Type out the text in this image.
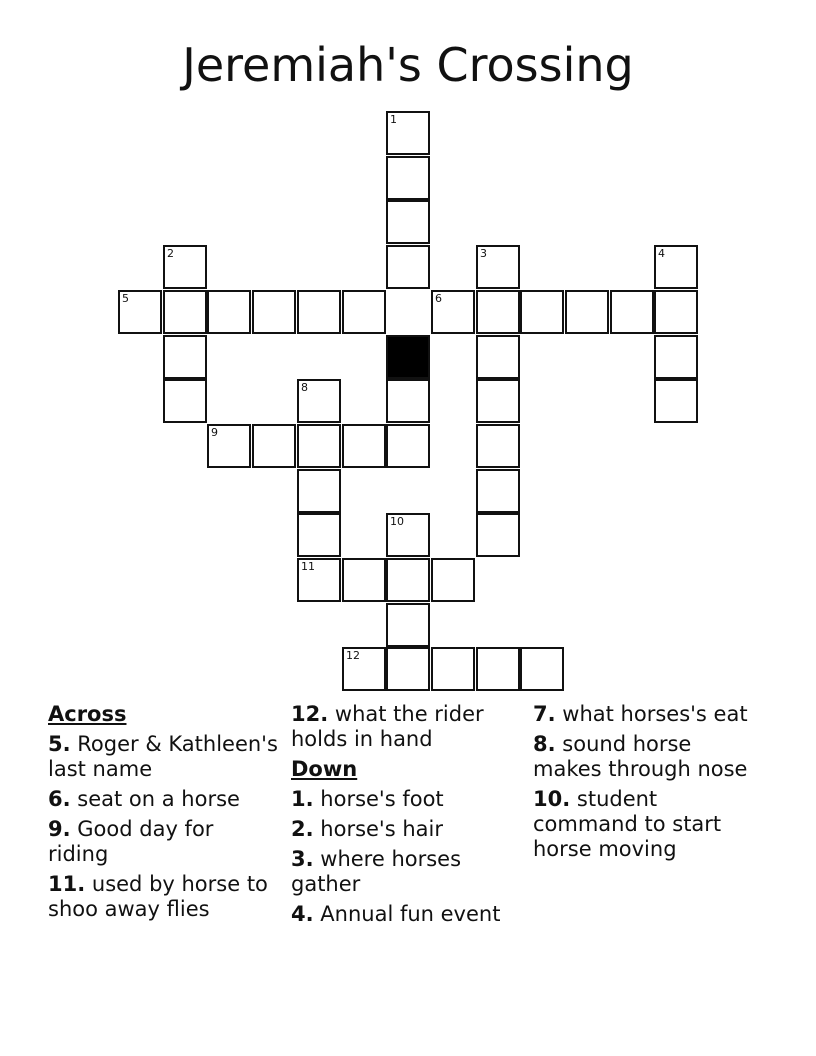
Jeremiah's Crossing
1
2	3	4
5	6
8
9
10
11
12
Across
5. Roger & Kathleen's last name
6. seat on a horse
9. Good day for riding
11. used by horse to shoo away flies
12. what the rider holds in hand
Down
1. horse's foot
2. horse's hair
3. where horses gather
4. Annual fun event
7. what horses's eat
8. sound horse makes through nose
10. student command to start horse moving
